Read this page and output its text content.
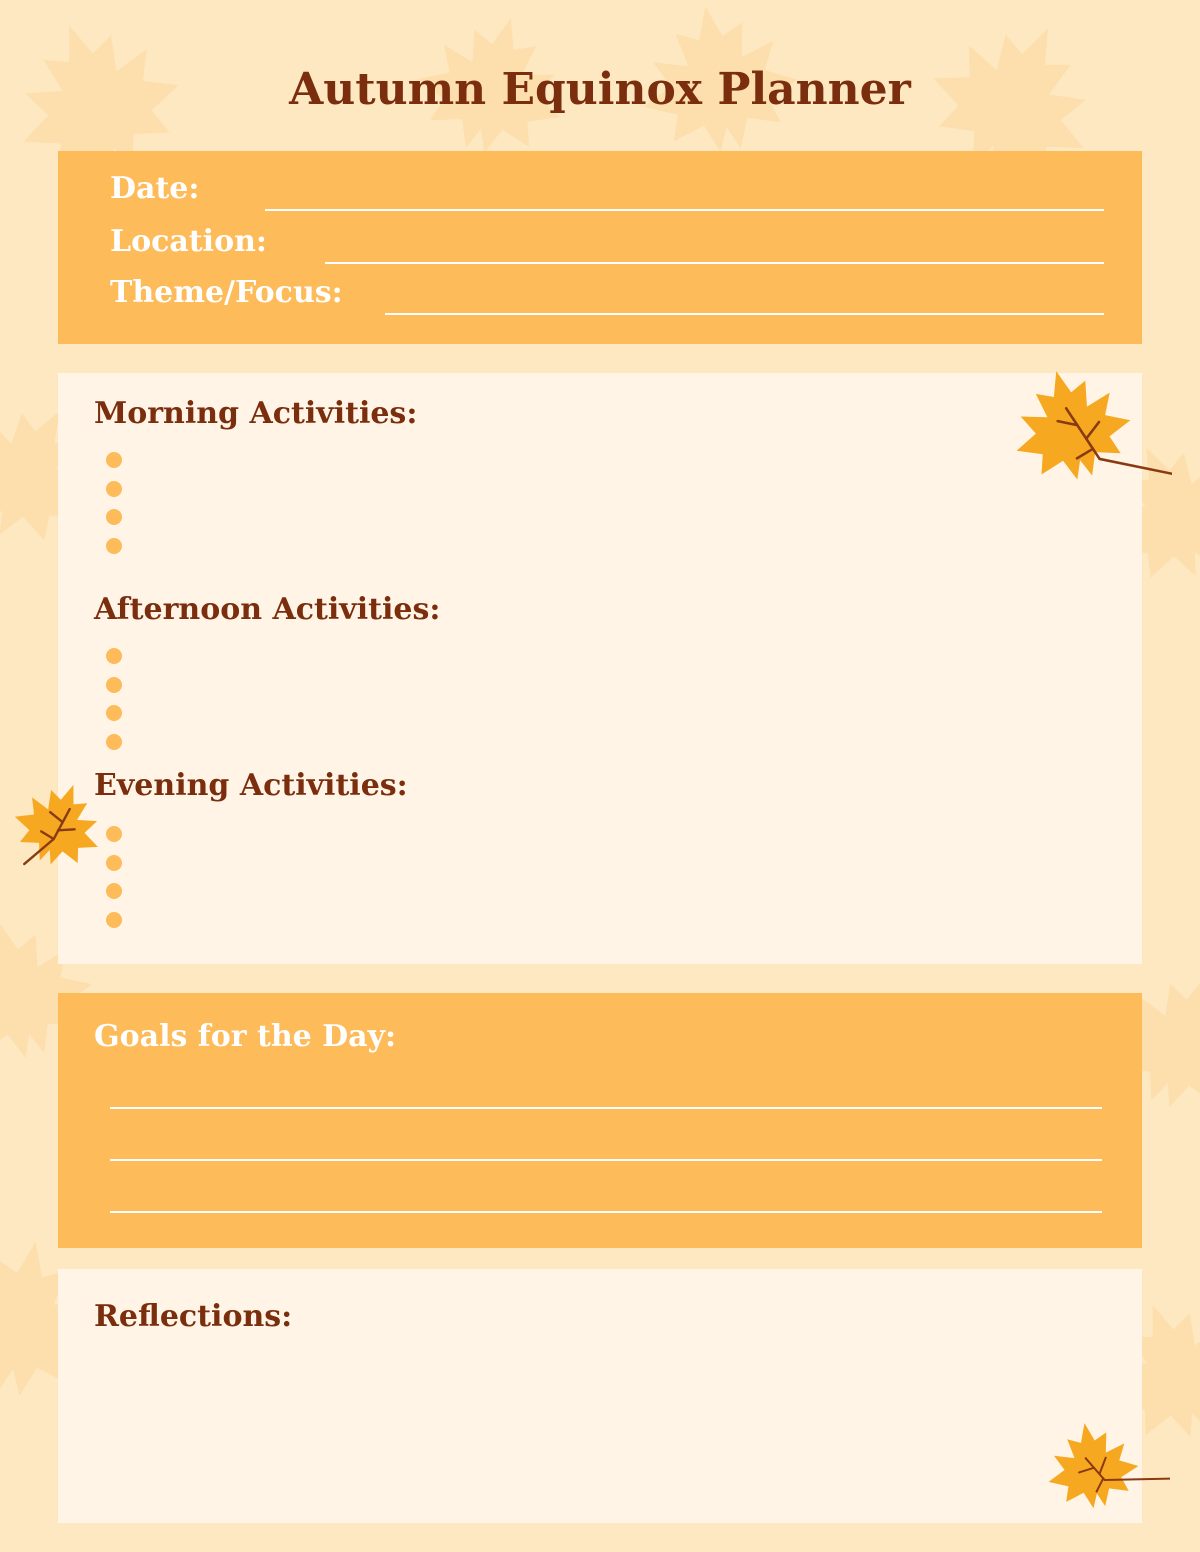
Autumn Equinox Planner
Date:
Location:
Theme/Focus:
Morning Activities:
Afternoon Activities:
Evening Activities:
Goals for the Day:
Reflections:
